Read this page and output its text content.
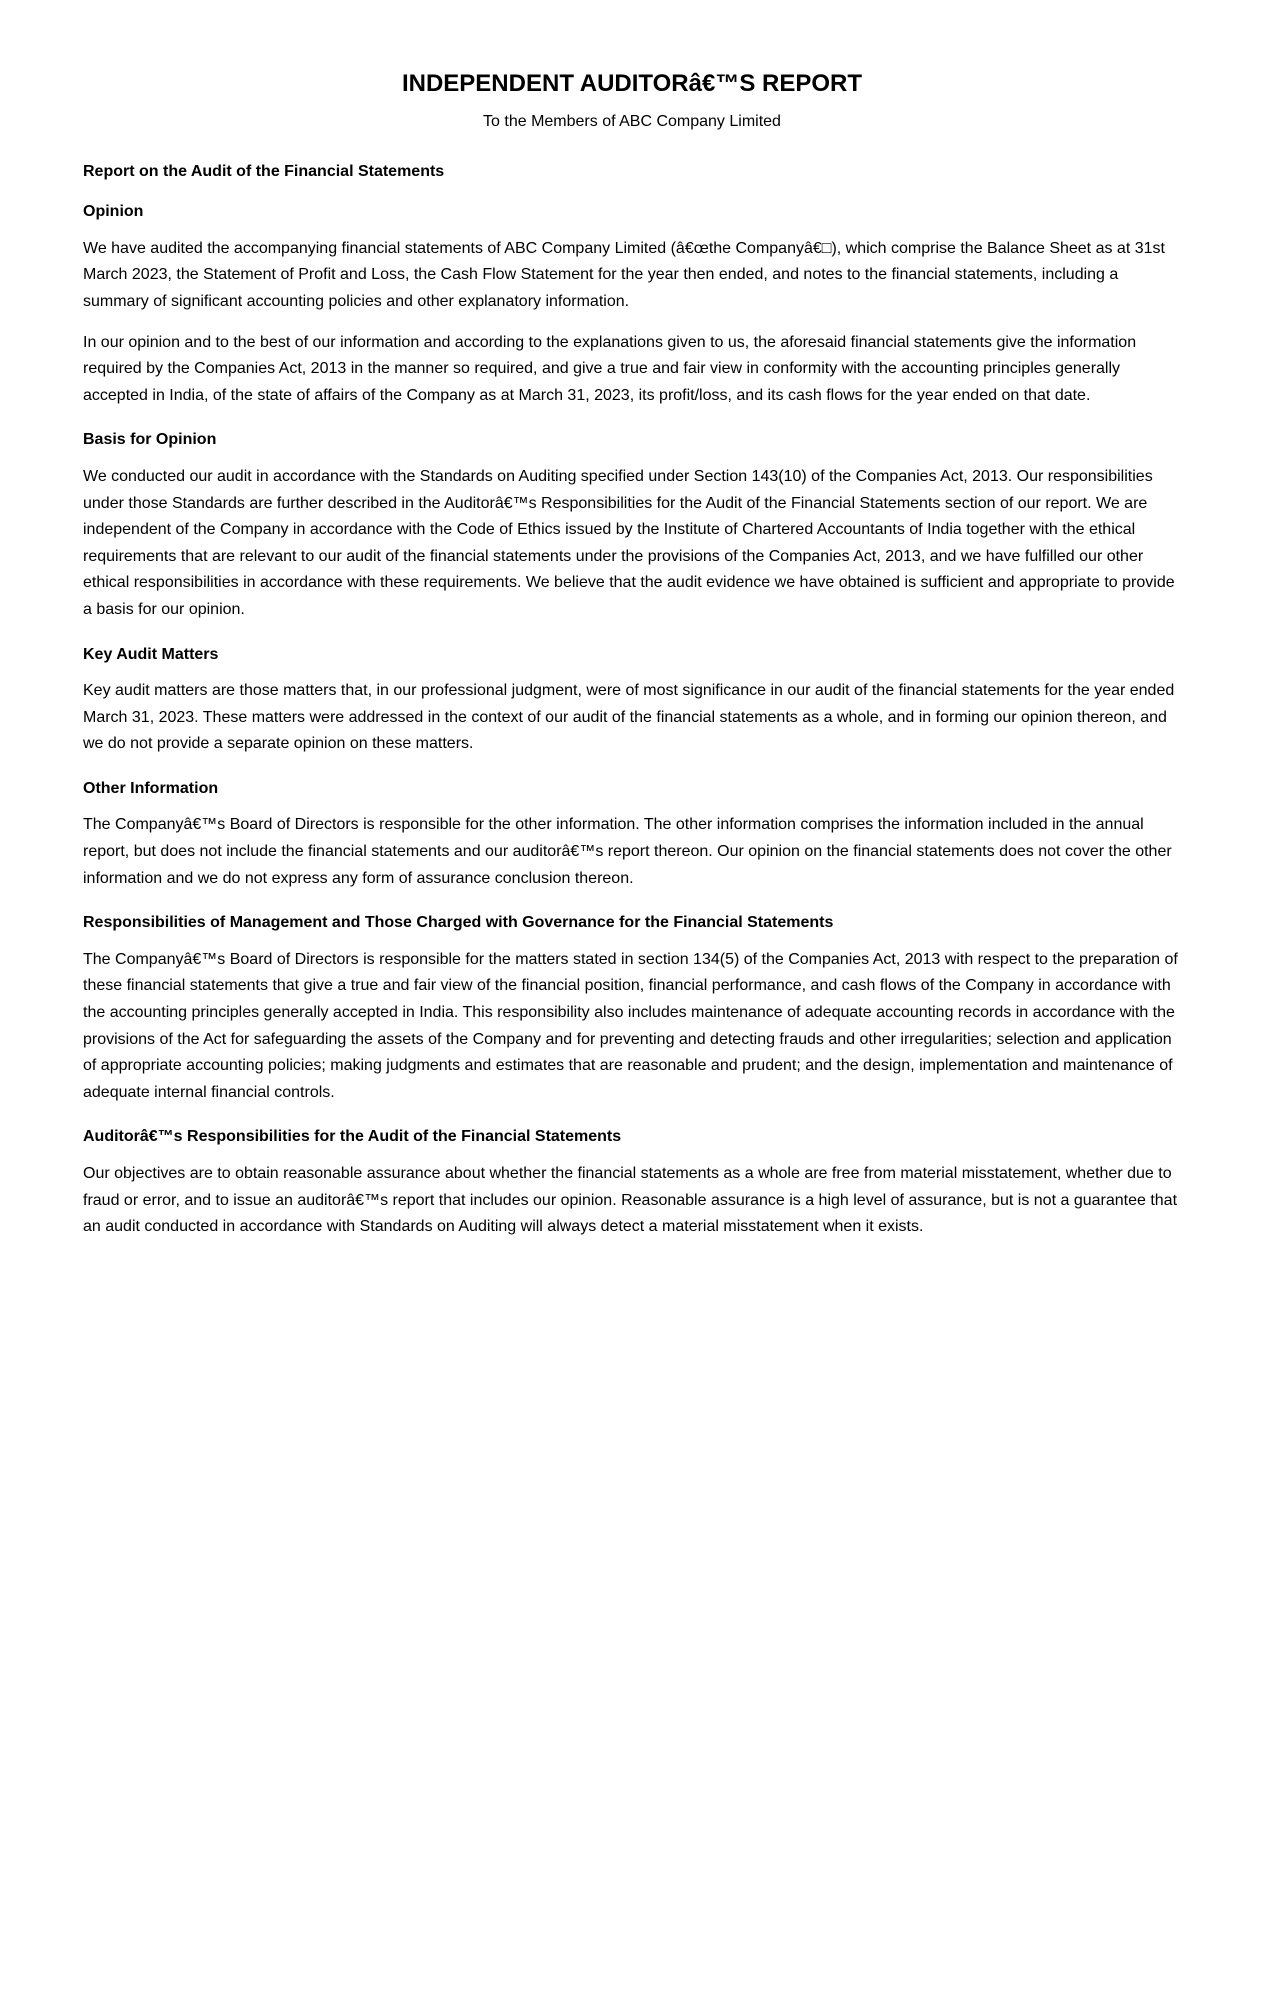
INDEPENDENT AUDITORâ€™S REPORT
To the Members of ABC Company Limited
Report on the Audit of the Financial Statements
Opinion

We have audited the accompanying financial statements of ABC Company Limited (â€œthe Companyâ€□), which comprise the Balance Sheet as at 31st March 2023, the Statement of Profit and Loss, the Cash Flow Statement for the year then ended, and notes to the financial statements, including a summary of significant accounting policies and other explanatory information.

In our opinion and to the best of our information and according to the explanations given to us, the aforesaid financial statements give the information required by the Companies Act, 2013 in the manner so required, and give a true and fair view in conformity with the accounting principles generally accepted in India, of the state of affairs of the Company as at March 31, 2023, its profit/loss, and its cash flows for the year ended on that date.

Basis for Opinion

We conducted our audit in accordance with the Standards on Auditing specified under Section 143(10) of the Companies Act, 2013. Our responsibilities under those Standards are further described in the Auditorâ€™s Responsibilities for the Audit of the Financial Statements section of our report. We are independent of the Company in accordance with the Code of Ethics issued by the Institute of Chartered Accountants of India together with the ethical requirements that are relevant to our audit of the financial statements under the provisions of the Companies Act, 2013, and we have fulfilled our other ethical responsibilities in accordance with these requirements. We believe that the audit evidence we have obtained is sufficient and appropriate to provide a basis for our opinion.

Key Audit Matters

Key audit matters are those matters that, in our professional judgment, were of most significance in our audit of the financial statements for the year ended March 31, 2023. These matters were addressed in the context of our audit of the financial statements as a whole, and in forming our opinion thereon, and we do not provide a separate opinion on these matters.

Other Information

The Companyâ€™s Board of Directors is responsible for the other information. The other information comprises the information included in the annual report, but does not include the financial statements and our auditorâ€™s report thereon. Our opinion on the financial statements does not cover the other information and we do not express any form of assurance conclusion thereon.

Responsibilities of Management and Those Charged with Governance for the Financial Statements

The Companyâ€™s Board of Directors is responsible for the matters stated in section 134(5) of the Companies Act, 2013 with respect to the preparation of these financial statements that give a true and fair view of the financial position, financial performance, and cash flows of the Company in accordance with the accounting principles generally accepted in India. This responsibility also includes maintenance of adequate accounting records in accordance with the provisions of the Act for safeguarding the assets of the Company and for preventing and detecting frauds and other irregularities; selection and application of appropriate accounting policies; making judgments and estimates that are reasonable and prudent; and the design, implementation and maintenance of adequate internal financial controls.

Auditorâ€™s Responsibilities for the Audit of the Financial Statements

Our objectives are to obtain reasonable assurance about whether the financial statements as a whole are free from material misstatement, whether due to fraud or error, and to issue an auditorâ€™s report that includes our opinion. Reasonable assurance is a high level of assurance, but is not a guarantee that an audit conducted in accordance with Standards on Auditing will always detect a material misstatement when it exists.
